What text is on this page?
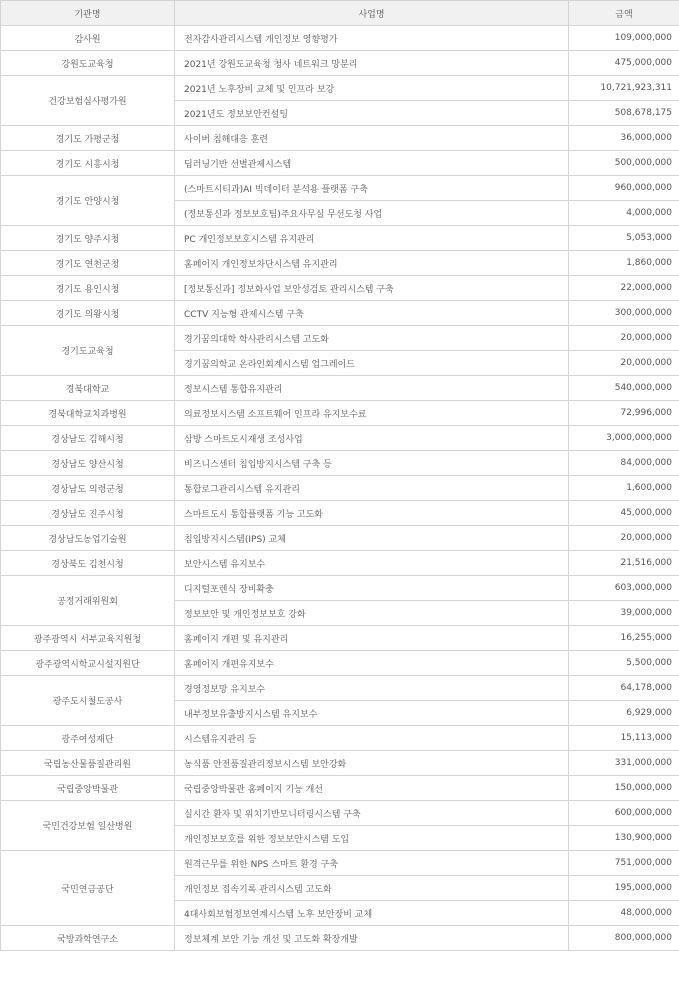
기관명	사업명	금액
감사원	전자감사관리시스템 개인정보 영향평가	109,000,000
강원도교육청	2021년 강원도교육청 청사 네트워크 망분리	475,000,000
건강보험심사평가원	2021년 노후장비 교체 및 인프라 보강	10,721,923,311
	2021년도 정보보안컨설팅	508,678,175
경기도 가평군청	사이버 침해대응 훈련	36,000,000
경기도 시흥시청	딥러닝기반 선별관제시스템	500,000,000
경기도 안양시청	(스마트시티과)AI 빅데이터 분석용 플랫폼 구축	960,000,000
	(정보통신과 정보보호팀)주요사무실 무선도청 사업	4,000,000
경기도 양주시청	PC 개인정보보호시스템 유지관리	5,053,000
경기도 연천군청	홈페이지 개인정보차단시스템 유지관리	1,860,000
경기도 용인시청	[정보통신과] 정보화사업 보안성검토 관리시스템 구축	22,000,000
경기도 의왕시청	CCTV 지능형 관제시스템 구축	300,000,000
경기도교육청	경기꿈의대학 학사관리시스템 고도화	20,000,000
	경기꿈의학교 온라인회계시스템 업그레이드	20,000,000
경북대학교	정보시스템 통합유지관리	540,000,000
경북대학교치과병원	의료정보시스템 소프트웨어 인프라 유지보수료	72,996,000
경상남도 김해시청	삼방 스마트도시재생 조성사업	3,000,000,000
경상남도 양산시청	비즈니스센터 침입방지시스템 구축 등	84,000,000
경상남도 의령군청	통합로그관리시스템 유지관리	1,600,000
경상남도 진주시청	스마트도시 통합플랫폼 기능 고도화	45,000,000
경상남도농업기술원	침입방지시스템(IPS) 교체	20,000,000
경상북도 김천시청	보안시스템 유지보수	21,516,000
공정거래위원회	디지털포렌식 장비확충	603,000,000
	정보보안 및 개인정보보호 강화	39,000,000
광주광역시 서부교육지원청	홈페이지 개편 및 유지관리	16,255,000
광주광역시학교시설지원단	홈페이지 개편유지보수	5,500,000
광주도시철도공사	경영정보망 유지보수	64,178,000
	내부정보유출방지시스템 유지보수	6,929,000
광주여성재단	시스템유지관리 등	15,113,000
국립농산물품질관리원	농식품 안전품질관리정보시스템 보안강화	331,000,000
국립중앙박물관	국립중앙박물관 홈페이지 기능 개선	150,000,000
국민건강보험 일산병원	실시간 환자 및 위치기반모니터링시스템 구축	600,000,000
	개인정보보호를 위한 정보보안시스템 도입	130,900,000
국민연금공단	원격근무를 위한 NPS 스마트 환경 구축	751,000,000
	개인정보 접속기록 관리시스템 고도화	195,000,000
	4대사회보험정보연계시스템 노후 보안장비 교체	48,000,000
국방과학연구소	정보체계 보안 기능 개선 및 고도화 확장개발	800,000,000
